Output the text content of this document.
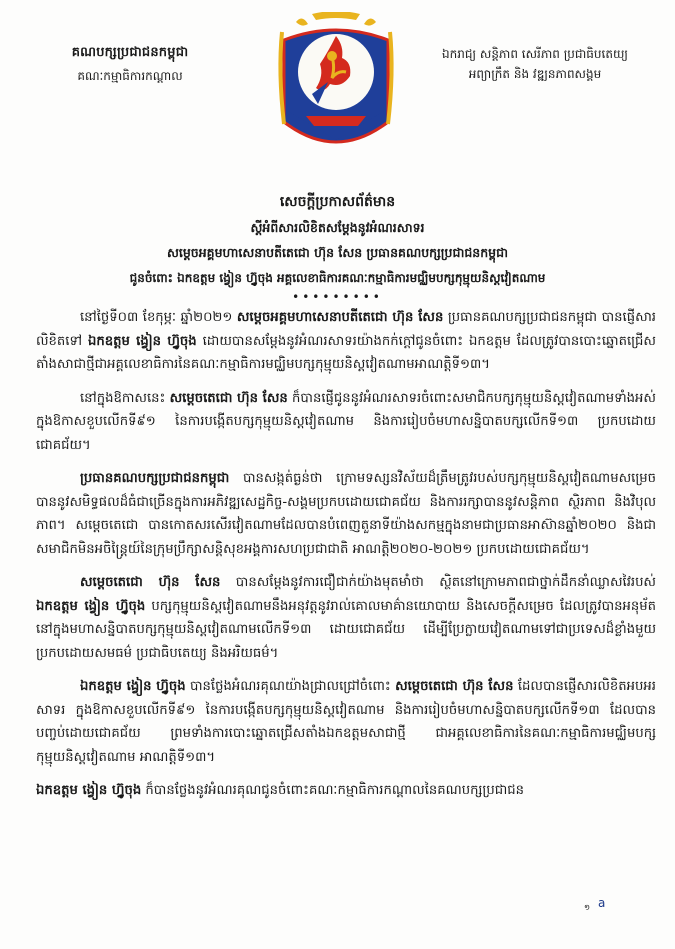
គណបក្សប្រជាជនកម្ពុជា
គណៈកម្មាធិការកណ្តាល
ឯករាជ្យ សន្តិភាព សេរីភាព ប្រជាធិបតេយ្យ
អព្យាក្រឹត និង វឌ្ឍនភាពសង្គម
សេចក្ដីប្រកាសព័ត៌មាន
ស្ដីអំពីសារលិខិតសម្ដែងនូវអំណរសាទរ
សម្ដេចអគ្គមហាសេនាបតីតេជោ ហ៊ុន សែន ប្រធានគណបក្សប្រជាជនកម្ពុជា
ជូនចំពោះ ឯកឧត្ដម ង្វៀន ហ្វ៊ូចុង អគ្គលេខាធិការគណៈកម្មាធិការមជ្ឈិមបក្សកុម្មុយនិស្តវៀតណាម
•••••••••

នៅថ្ងៃទី០៣ ខែកុម្ភៈ ឆ្នាំ២០២១ សម្ដេចអគ្គមហាសេនាបតីតេជោ ហ៊ុន សែន ប្រធានគណបក្សប្រជាជនកម្ពុជា បានផ្ញើសារលិខិតទៅ ឯកឧត្ដម ង្វៀន ហ្វ៊ូចុង ដោយបានសម្ដែងនូវអំណរសាទរយ៉ាងកក់ក្ដៅជូនចំពោះ ឯកឧត្ដម ដែលត្រូវបានបោះឆ្នោតជ្រើសតាំងសាជាថ្មីជាអគ្គលេខាធិការនៃគណៈកម្មាធិការមជ្ឈិមបក្សកុម្មុយនិស្តវៀតណាមអាណត្តិទី១៣។

នៅក្នុងឱកាសនេះ សម្ដេចតេជោ ហ៊ុន សែន ក៏បានផ្ញើជូននូវអំណរសាទរចំពោះសមាជិកបក្សកុម្មុយនិស្តវៀតណាមទាំងអស់ក្នុងឱកាសខួបលើកទី៩១ នៃការបង្កើតបក្សកុម្មុយនិស្តវៀតណាម និងការរៀបចំមហាសន្និបាតបក្សលើកទី១៣ ប្រកបដោយជោគជ័យ។

ប្រធានគណបក្សប្រជាជនកម្ពុជា បានសង្កត់ធ្ងន់ថា ក្រោមទស្សនវិស័យដ៏ត្រឹមត្រូវរបស់បក្សកុម្មុយនិស្តវៀតណាមសម្រេចបាននូវសមិទ្ធផលដ៏ធំជាច្រើនក្នុងការអភិវឌ្ឍសេដ្ឋកិច្ច-សង្គមប្រកបដោយជោគជ័យ និងការរក្សាបាននូវសន្តិភាព ស្ថិរភាព និងវិបុលភាព។ សម្ដេចតេជោ បានកោតសរសើរវៀតណាមដែលបានបំពេញតួនាទីយ៉ាងសកម្មក្នុងនាមជាប្រធានអាស៊ានឆ្នាំ២០២០ និងជាសមាជិកមិនអចិន្ត្រៃយ៍នៃក្រុមប្រឹក្សាសន្តិសុខអង្គការសហប្រជាជាតិ អាណត្តិ២០២០-២០២១ ប្រកបដោយជោគជ័យ។

សម្ដេចតេជោ ហ៊ុន សែន បានសម្ដែងនូវការជឿជាក់យ៉ាងមុតមាំថា ស្ថិតនៅក្រោមភាពជាថ្នាក់ដឹកនាំឈ្លាសវៃរបស់ ឯកឧត្ដម ង្វៀន ហ្វ៊ូចុង បក្សកុម្មុយនិស្តវៀតណាមនឹងអនុវត្តនូវរាល់គោលមាគ៌ានយោបាយ និងសេចក្ដីសម្រេច ដែលត្រូវបានអនុម័តនៅក្នុងមហាសន្និបាតបក្សកុម្មុយនិស្តវៀតណាមលើកទី១៣ ដោយជោគជ័យ ដើម្បីប្រែក្លាយវៀតណាមទៅជាប្រទេសដ៏ខ្លាំងមួយ ប្រកបដោយសមធម៌ ប្រជាធិបតេយ្យ និងអរិយធម៌។

ឯកឧត្ដម ង្វៀន ហ្វ៊ូចុង បានថ្លែងអំណរគុណយ៉ាងជ្រាលជ្រៅចំពោះ សម្ដេចតេជោ ហ៊ុន សែន ដែលបានផ្ញើសារលិខិតអបអរសាទរ ក្នុងឱកាសខួបលើកទី៩១ នៃការបង្កើតបក្សកុម្មុយនិស្តវៀតណាម និងការរៀបចំមហាសន្និបាតបក្សលើកទី១៣ ដែលបានបញ្ចប់ដោយជោគជ័យ ព្រមទាំងការបោះឆ្នោតជ្រើសតាំងឯកឧត្ដមសាជាថ្មី ជាអគ្គលេខាធិការនៃគណៈកម្មាធិការមជ្ឈិមបក្សកុម្មុយនិស្តវៀតណាម អាណត្តិទី១៣។

ឯកឧត្ដម ង្វៀន ហ្វ៊ូចុង ក៏បានថ្លែងនូវអំណរគុណជូនចំពោះគណៈកម្មាធិការកណ្តាលនៃគណបក្សប្រជាជន

១ a
